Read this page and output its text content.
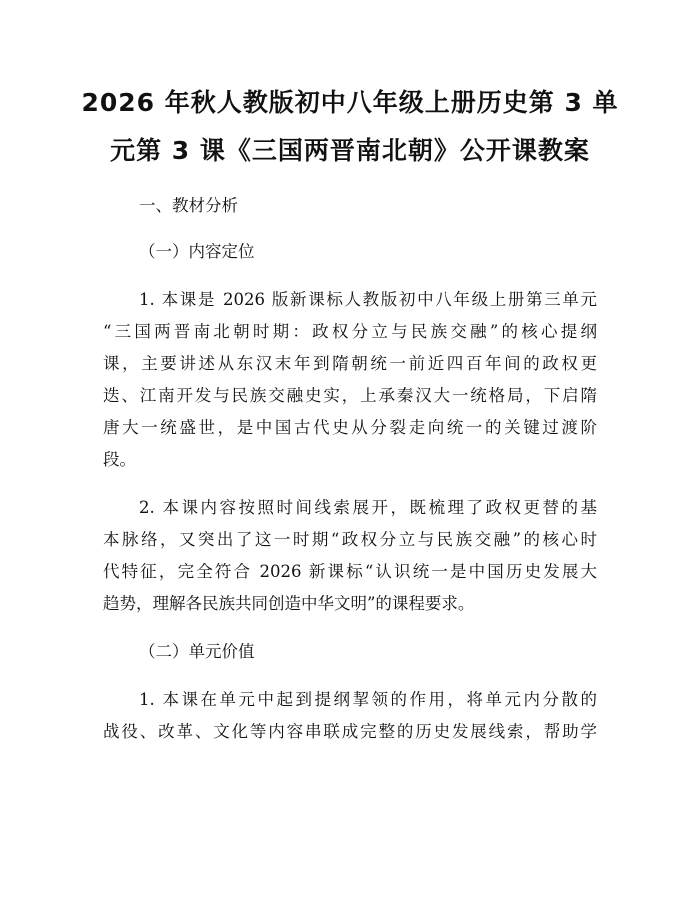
2026 年秋人教版初中八年级上册历史第 3 单
元第 3 课《三国两晋南北朝》公开课教案
一、教材分析
（一）内容定位
1. 本课是 2026 版新课标人教版初中八年级上册第三单元
“三国两晋南北朝时期：政权分立与民族交融”的核心提纲
课，主要讲述从东汉末年到隋朝统一前近四百年间的政权更
迭、江南开发与民族交融史实，上承秦汉大一统格局，下启隋
唐大一统盛世，是中国古代史从分裂走向统一的关键过渡阶
段。
2. 本课内容按照时间线索展开，既梳理了政权更替的基
本脉络，又突出了这一时期“政权分立与民族交融”的核心时
代特征，完全符合 2026 新课标“认识统一是中国历史发展大
趋势，理解各民族共同创造中华文明”的课程要求。
（二）单元价值
1. 本课在单元中起到提纲挈领的作用，将单元内分散的
战役、改革、文化等内容串联成完整的历史发展线索，帮助学
